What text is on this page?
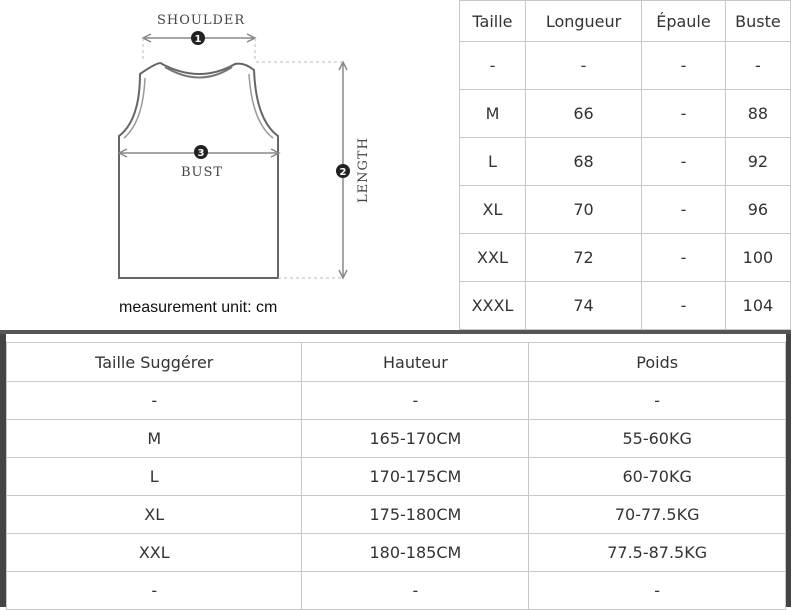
1
3
2 LENGTH
SHOULDER
BUST
measurement unit: cm
Taille	Longueur	Épaule	Buste
-	-	-	-
M	66	-	88
L	68	-	92
XL	70	-	96
XXL	72	-	100
XXXL	74	-	104
Taille Suggérer	Hauteur	Poids
-	-	-
M	165-170CM	55-60KG
L	170-175CM	60-70KG
XL	175-180CM	70-77.5KG
XXL	180-185CM	77.5-87.5KG
-	-	-
